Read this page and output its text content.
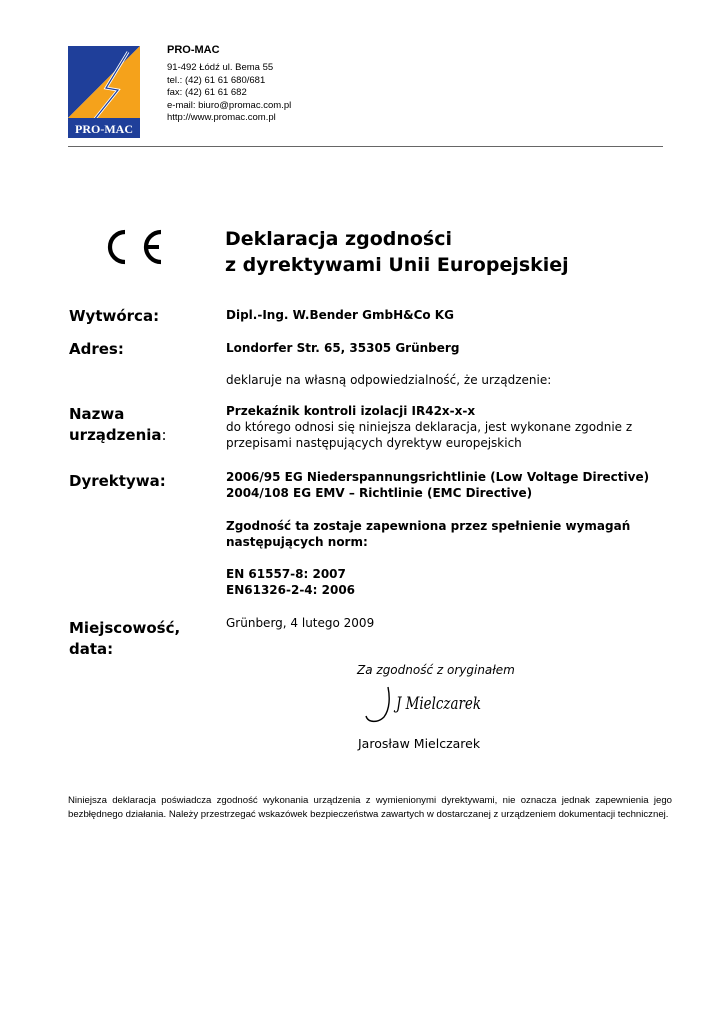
PRO-MAC
PRO-MAC
91-492 Łódź ul. Bema 55
tel.: (42) 61 61 680/681
fax: (42) 61 61 682
e-mail: biuro@promac.com.pl
http://www.promac.com.pl
Deklaracja zgodności
z dyrektywami Unii Europejskiej
Wytwórca:
Adres:
Nazwa
urządzenia:
Dyrektywa:
Miejscowość,
data:
Dipl.-Ing. W.Bender GmbH&Co KG
Londorfer Str. 65, 35305 Grünberg
deklaruje na własną odpowiedzialność, że urządzenie:
Przekaźnik kontroli izolacji IR42x-x-x
do którego odnosi się niniejsza deklaracja, jest wykonane zgodnie z
przepisami następujących dyrektyw europejskich
2006/95 EG Niederspannungsrichtlinie (Low Voltage Directive)
2004/108 EG EMV – Richtlinie (EMC Directive)
Zgodność ta zostaje zapewniona przez spełnienie wymagań
następujących norm:
EN 61557-8: 2007
EN61326-2-4: 2006
Grünberg, 4 lutego 2009
Za zgodność z oryginałem
J Mielczarek
Jarosław Mielczarek
Niniejsza deklaracja poświadcza zgodność wykonania urządzenia z wymienionymi dyrektywami, nie oznacza jednak zapewnienia jego bezbłędnego działania. Należy przestrzegać wskazówek bezpieczeństwa zawartych w dostarczanej z urządzeniem dokumentacji technicznej.
